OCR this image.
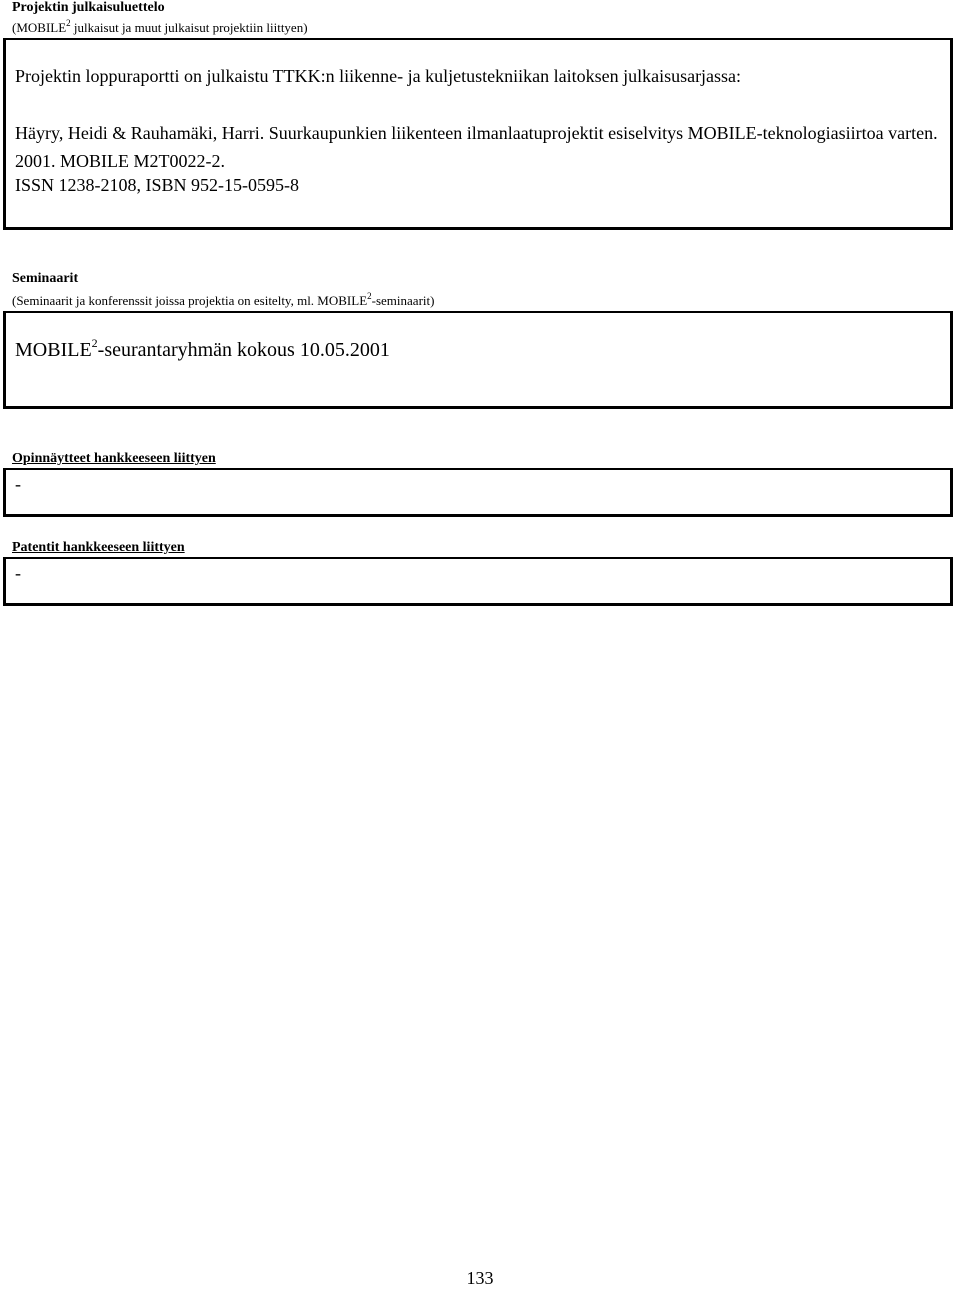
Projektin julkaisuluettelo
(MOBILE$^2$ julkaisut ja muut julkaisut projektiin liittyen)

Projektin loppuraportti on julkaistu TTKK:n liikenne- ja kuljetustekniikan laitoksen julkaisusarjassa:

Häyry, Heidi & Rauhamäki, Harri. Suurkaupunkien liikenteen ilmanlaatuprojektit esiselvitys MOBILE-teknologiasiirtoa varten. 2001. MOBILE M2T0022-2.

ISSN 1238-2108, ISBN 952-15-0595-8

Seminaarit
(Seminaarit ja konferenssit joissa projektia on esitelty, ml. MOBILE$^2$-seminaarit)

MOBILE$^2$-seurantaryhmän kokous 10.05.2001

Opinnäytteet hankkeeseen liittyen

-

Patentit hankkeeseen liittyen

-

133
